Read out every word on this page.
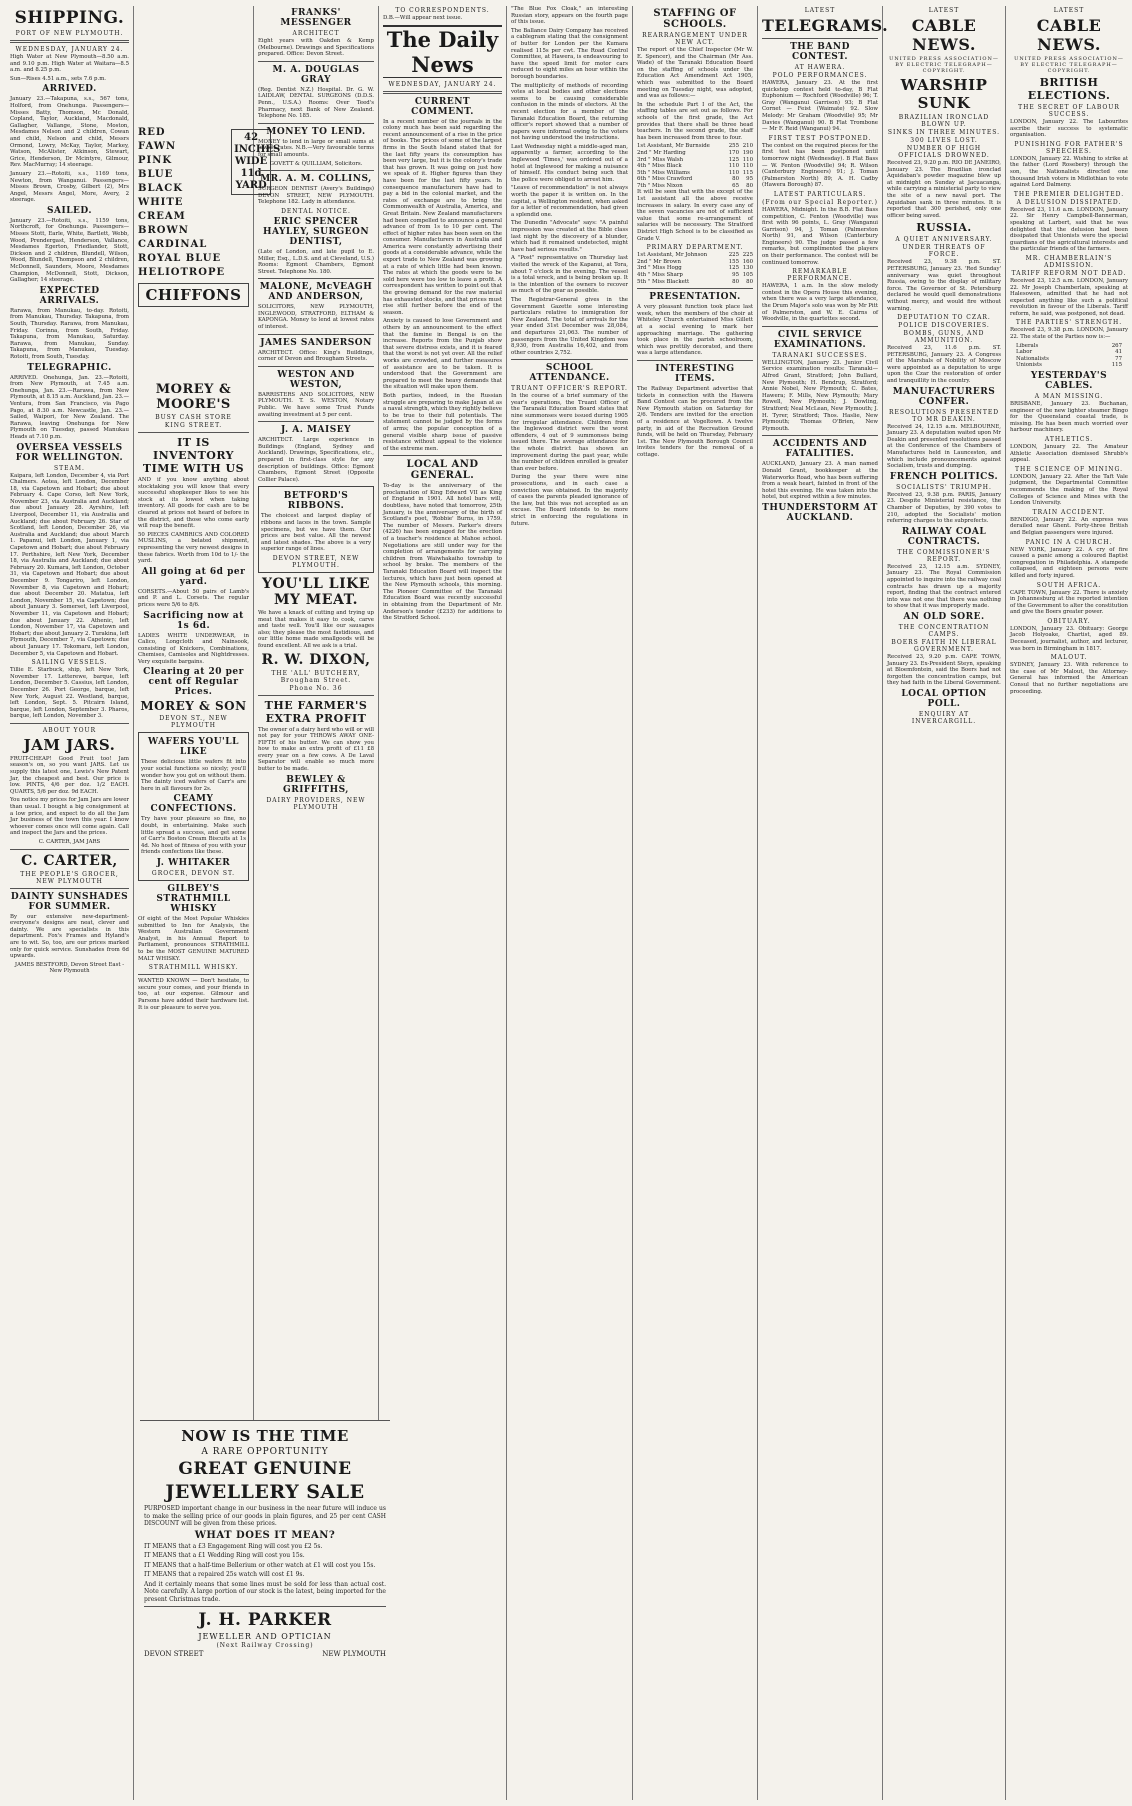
SHIPPING.
PORT OF NEW PLYMOUTH.
WEDNESDAY, JANUARY 24.
High Water at New Plymouth—8.50 a.m. and 9.10 p.m. High Water at Waitara—8.5 a.m. and 8.25 p.m.
Sun—Rises 4.51 a.m., sets 7.6 p.m.
ARRIVED.
January 23.—Takapuna, s.s., 567 tons, Holford, from Onehunga. Passengers—Misses Batty, Thomson, Mc Donald, Copland, Taylor, Auckland, Macdonald, Gallagher, Vallange, Stone, Moston, Mesdames Nelson and 2 children, Cowan and child, Nelson and child, Messrs Ormond, Lowry, McKay, Taylor, Markey, Watson, McAlister, Atkinson, Stewart, Grice, Henderson, Dr Mcintyre, Gilmour, Rev. MacMurray; 14 steerage.
January 23.—Rotoiti, s.s., 1169 tons, Newton, from Wanganui. Passengers—Misses Brown, Crosby, Gilbert (2), Mrs Angel, Messrs Angel, More, Avery, 2 steerage.
SAILED.
January 23.—Rotoiti, s.s., 1159 tons, Northcroft, for Onehunga. Passengers—Misses Stott, Earle, White, Bartlett, Webb, Wood, Prendergast, Henderson, Vallance, Mesdames Egerton, Friedlander, Stott, Dickson and 2 children, Blundell, Wilson, Wood, Blundell, Thompson and 2 children, McDonnell, Saunders, Moore, Mesdames Champion, McDonnell, Stott, Dickson, Gallagher; 14 steerage.
EXPECTED ARRIVALS.
Rarawa, from Manukau, to-day. Rotoiti, from Manukau, Thursday. Takapuna, from South, Thursday. Rarawa, from Manukau, Friday. Corinna, from South, Friday. Takapuna, from Manukau, Saturday. Rarawa, from Manukau, Sunday. Takapuna, from Manukau, Tuesday. Rotoiti, from South, Tuesday.
TELEGRAPHIC.
ARRIVED. Onehunga, Jan. 23.—Rotoiti, from New Plymouth, at 7.45 a.m. Onehunga, Jan. 23.—Rarawa, from New Plymouth, at 8.15 a.m. Auckland, Jan. 23.—Ventura, from San Francisco, via Pago Pago, at 8.30 a.m. Newcastle, Jan. 23.—Sailed, Waipori, for New Zealand. The Rarawa, leaving Onehunga for New Plymouth on Tuesday, passed Manukau Heads at 7.10 p.m.
OVERSEA VESSELS FOR WELLINGTON.
STEAM.
Kaipara, left London, December 4, via Port Chalmers. Aotea, left London, December 18, via Capetown and Hobart; due about February 4. Cape Corso, left New York, November 23, via Australia and Auckland; due about January 28. Ayrshire, left Liverpool, December 11, via Australia and Auckland; due about February 26. Star of Scotland, left London, December 26, via Australia and Auckland; due about March 1. Papanui, left London, January 1, via Capetown and Hobart; due about February 17. Perthshire, left New York, December 18, via Australia and Auckland; due about February 20. Kumara, left London, October 31, via Capetown and Hobart; due about December 9. Tongariro, left London, November 8, via Capetown and Hobart; due about December 20. Matatua, left London, November 15, via Capetown; due about January 3. Somerset, left Liverpool, November 11, via Capetown and Hobart; due about January 22. Athenic, left London, November 17, via Capetown and Hobart; due about January 2. Turakina, left Plymouth, December 7, via Capetown; due about January 17. Tokomaru, left London, December 5, via Capetown and Hobart.
SAILING VESSELS.
Tillie E. Starbuck, ship, left New York, November 17. Letterewe, barque, left London, December 5. Cassius, left London, December 26. Port George, barque, left New York, August 22. Westland, barque, left London, Sept. 5. Pitcairn Island, barque, left London, September 3. Pharos, barque, left London, November 3.
ABOUT YOUR
JAM JARS.
FRUIT-CHEAP! Good Fruit too! Jam season's on, so you want JARS. Let us supply this latest one, Lewis's New Patent Jar, the cheapest and best. Our price is low. PINTS, 4/6 per doz. 1/2 EACH. QUARTS, 5/6 per doz. 9d EACH.
You notice my prices for Jam Jars are lower than usual. I bought a big consignment at a low price, and expect to do all the Jam Jar business of the town this year. I know whoever comes once will come again. Call and inspect the Jars and the prices.
C. CARTER, JAM JARS
C. CARTER,
THE PEOPLE'S GROCER, NEW PLYMOUTH
DAINTY SUNSHADES FOR SUMMER.
By our extensive new-department-everyone's designs are neat, clever and dainty. We are specialists in this department. Fox's Frames and Hyland's are to wit. So, too, are our prices marked only for quick service. Sunshades from 6d upwards.
JAMES BESTFORD, Devon Street East - New Plymouth
RED
FAWN
PINK
BLUE
BLACK
WHITE
CREAM
BROWN
CARDINAL
ROYAL BLUE
HELIOTROPE
42 INCHES WIDE 11d YARD
CHIFFONS
MOREY & MOORE'S
BUSY CASH STORE
KING STREET.
IT IS INVENTORY TIME WITH US
AND if you know anything about stocktaking you will know that every successful shopkeeper likes to see his stock at its lowest when taking inventory. All goods for cash are to be cleared at prices not heard of before in the district, and those who come early will reap the benefit.
50 PIECES CAMBRICS AND COLORED MUSLINS, a belated shipment, representing the very newest designs in these fabrics. Worth from 10d to 1/- the yard.
All going at 6d per yard.
CORSETS.—About 50 pairs of Lamb's and P. and L. Corsets. The regular prices were 5/6 to 8/6.
Sacrificing now at 1s 6d.
LADIES WHITE UNDERWEAR, in Calico, Longcloth and Nainsook, consisting of Knickers, Combinations, Chemises, Camisoles and Nightdresses. Very exquisite bargains.
Clearing at 20 per cent off Regular Prices.
MOREY & SON
DEVON ST., NEW PLYMOUTH
WAFERS YOU'LL LIKE
These delicious little wafers fit into your social functions so nicely; you'll wonder how you got on without them. The dainty iced wafers of Carr's are here in all flavours for 2s.
CEAMY CONFECTIONS.
Try have your pleasure so fine, no doubt, in entertaining. Make such little spread a success, and get some of Carr's Boston Cream Biscuits at 1s 4d. No host of fitness of you with your friends confections like these.
J. WHITAKER
GROCER, DEVON ST.
GILBEY'S STRATHMILL WHISKY
Of eight of the Most Popular Whiskies submitted to Inn for Analysis, the Western Australian Government Analyst, in his Annual Report to Parliament, pronounces STRATHMILL to be the MOST GENUINE MATURED MALT WHISKY.
STRATHMILL WHISKY.
WANTED KNOWN — Don't hesitate, to secure your comes, and your friends in too, at our expense. Gilmour and Parsons have added their hardware list. It is our pleasure to serve you.
FRANKS' MESSENGER
ARCHITECT
Eight years with Oakden & Kemp (Melbourne). Drawings and Specifications prepared. Office: Devon Street.
M. A. DOUGLAS GRAY
(Reg. Dentist N.Z.) Hospital. Dr. G. W. LAIDLAW, DENTAL SURGEONS (D.D.S. Penn., U.S.A.) Rooms: Over Teed's Pharmacy, next Bank of New Zealand. Telephone No. 185.
MONEY TO LEND.
MONEY to lend in large or small sums at lowest rates. N.B.—Very favourable terms for small amounts.
GOVETT & QUILLIAM, Solicitors.
MR. A. M. COLLINS,
SURGEON DENTIST (Avery's Buildings) DEVON STREET, NEW PLYMOUTH. Telephone 182. Lady in attendance.
DENTAL NOTICE.
ERIC SPENCER HAYLEY, SURGEON DENTIST,
(Late of London, and late pupil to E. Miller, Esq., L.D.S. and at Cleveland, U.S.) Rooms: Egmont Chambers, Egmont Street. Telephone No. 180.
MALONE, McVEAGH AND ANDERSON,
SOLICITORS, NEW PLYMOUTH, INGLEWOOD, STRATFORD, ELTHAM & KAPONGA. Money to lend at lowest rates of interest.
JAMES SANDERSON
ARCHITECT. Office: King's Buildings, corner of Devon and Brougham Streets.
WESTON AND WESTON,
BARRISTERS AND SOLICITORS, NEW PLYMOUTH. T. S. WESTON, Notary Public. We have some Trust Funds awaiting investment at 5 per cent.
J. A. MAISEY
ARCHITECT. Large experience in Buildings (England, Sydney and Auckland). Drawings, Specifications, etc., prepared in first-class style for any description of buildings. Office: Egmont Chambers, Egmont Street (Opposite Collier Palace).
BETFORD'S RIBBONS.
The choicest and largest display of ribbons and laces in the town. Sample specimens, but we have them. Our prices are best value. All the newest and latest shades. The above is a very superior range of lines.
DEVON STREET, NEW PLYMOUTH.
YOU'LL LIKE MY MEAT.
We have a knack of cutting and trying up meat that makes it easy to cook, carve and taste well. You'll like our sausages also; they please the most fastidious, and our little home made smallgoods will be found excellent. All we ask is a trial.
R. W. DIXON,
THE 'ALL' BUTCHERY, Brougham Street.
Phone No. 36
THE FARMER'S EXTRA PROFIT
The owner of a dairy herd who will or will not pay for your THROWS AWAY ONE-FIFTH of his butter. We can show you how to make an extra profit of £11 £8 every year on a few cows. A De Laval Separator will enable so much more butter to be made.
BEWLEY & GRIFFITHS,
DAIRY PROVIDERS, NEW PLYMOUTH
TO CORRESPONDENTS.
D.B.—Will appear next issue.
The Daily News
WEDNESDAY, JANUARY 24.
CURRENT COMMENT.
In a recent number of the journals in the colony much has been said regarding the recent announcement of a rise in the price of books. The prices of some of the largest firms in the South Island stated that for the last fifty years its consumption has been very large, but it is the colony's trade that has grown. It was going on just how we speak of it. Higher figures than they have been for the last fifty years. In consequence manufacturers have had to pay a bid in the colonial market, and the rates of exchange are to bring the Commonwealth of Australia, America, and Great Britain. New Zealand manufacturers had been compelled to announce a general advance of from 1s to 10 per cent. The effect of higher rates has been seen on the consumer. Manufacturers in Australia and America were constantly advertising their goods at a considerable advance, while the export trade to New Zealand was growing at a rate of which little had been known. The rates at which the goods were to be sold here were too low to leave a profit. A correspondent has written to point out that the growing demand for the raw material has exhausted stocks, and that prices must rise still further before the end of the season.
Anxiety is caused to lose Government and others by an announcement to the effect that the famine in Bengal is on the increase. Reports from the Punjab show that severe distress exists, and it is feared that the worst is not yet over. All the relief works are crowded, and further measures of assistance are to be taken. It is understood that the Government are prepared to meet the heavy demands that the situation will make upon them.
Both parties, indeed, in the Russian struggle are preparing to make Japan at as a naval strength, which they rightly believe to be true to their full potentials. The statement cannot be judged by the forms of arms; the popular conception of a general visible sharp issue of passive resistance without appeal to the violence of the extreme men.
LOCAL AND GENERAL.
To-day is the anniversary of the proclamation of King Edward VII as King of England in 1901. All hotel bars will, doubtless, have noted that tomorrow, 25th January, is the anniversary of the birth of Scotland's poet, 'Robbie' Burns, in 1759. The number of Messrs. Parker's divers (4226) has been engaged for the erection of a teacher's residence at Mahoe school. Negotiations are still under way for the completion of arrangements for carrying children from Waiwhakaiho township to school by brake. The members of the Taranaki Education Board will inspect the lectures, which have just been opened at the New Plymouth schools, this morning. The Pioneer Committee of the Taranaki Education Board was recently successful in obtaining from the Department of Mr. Anderson's tender (£233) for additions to the Stratford School.
"The Blue Fox Cloak," an interesting Russian story, appears on the fourth page of this issue.
The Ballance Dairy Company has received a cablegram stating that the consignment of butter for London per the Kumara realised 115s per cwt. The Road Control Committee, at Hawera, is endeavouring to have the speed limit for motor cars reduced to eight miles an hour within the borough boundaries.
The multiplicity of methods of recording votes at local bodies and other elections seems to be causing considerable confusion in the minds of electors. At the recent election for a member of the Taranaki Education Board, the returning officer's report showed that a number of papers were informal owing to the voters not having understood the instructions.
Last Wednesday night a middle-aged man, apparently a farmer, according to the Inglewood 'Times,' was ordered out of a hotel at Inglewood for making a nuisance of himself. His conduct being such that the police were obliged to arrest him.
"Leave of recommendation" is not always worth the paper it is written on. In the capital, a Wellington resident, when asked for a letter of recommendation, had given a splendid one.
The Dunedin "Advocate" says: "A painful impression was created at the Bible class last night by the discovery of a blunder, which had it remained undetected, might have had serious results."
A "Post" representative on Thursday last visited the wreck of the Kapanui, at Tora, about 7 o'clock in the evening. The vessel is a total wreck, and is being broken up. It is the intention of the owners to recover as much of the gear as possible.
The Registrar-General gives in the Government Gazette some interesting particulars relative to immigration for New Zealand. The total of arrivals for the year ended 31st December was 28,084, and departures 21,063. The number of passengers from the United Kingdom was 8,930, from Australia 16,402, and from other countries 2,752.
SCHOOL ATTENDANCE.
TRUANT OFFICER'S REPORT.
In the course of a brief summary of the year's operations, the Truant Officer of the Taranaki Education Board states that nine summonses were issued during 1905 for irregular attendance. Children from the Inglewood district were the worst offenders, 4 out of 9 summonses being issued there. The average attendance for the whole district has shown an improvement during the past year, while the number of children enrolled is greater than ever before.
During the year there were nine prosecutions, and in each case a conviction was obtained. In the majority of cases the parents pleaded ignorance of the law, but this was not accepted as an excuse. The Board intends to be more strict in enforcing the regulations in future.
STAFFING OF SCHOOLS.
REARRANGEMENT UNDER NEW ACT.
The report of the Chief Inspector (Mr W. E. Spencer), and the Chairman (Mr Ass. Wade) of the Taranaki Education Board on the staffing of schools under the Education Act Amendment Act 1905, which was submitted to the Board meeting on Tuesday night, was adopted, and was as follows:—
In the schedule Part I of the Act, the staffing tables are set out as follows. For schools of the first grade, the Act provides that there shall be three head teachers. In the second grade, the staff has been increased from three to four.
1st Assistant, Mr Burnside	255 210
2nd " Mr Harding	170 190
3rd " Miss Walsh	125 110
4th " Miss Black	110 110
5th " Miss Williams	110 115
6th " Miss Crawford	80	95
7th " Miss Nixon	65	80
It will be seen that with the except of the 1st assistant all the above receive increases in salary. In every case any of the seven vacancies are not of sufficient value that some re-arrangement of salaries will be necessary. The Stratford District High School is to be classified as Grade V.
PRIMARY DEPARTMENT.
1st Assistant, Mr Johnson	225 225
2nd " Mr Brown	155 160
3rd " Miss Hogg	125 130
4th " Miss Sharp	95 105
5th " Miss Blackett	80	80
PRESENTATION.
A very pleasant function took place last week, when the members of the choir at Whiteley Church entertained Miss Gillett at a social evening to mark her approaching marriage. The gathering took place in the parish schoolroom, which was prettily decorated, and there was a large attendance.
INTERESTING ITEMS.
The Railway Department advertise that tickets in connection with the Hawera Band Contest can be procured from the New Plymouth station on Saturday for 2/6. Tenders are invited for the erection of a residence at Vogeltown. A twelve party, in aid of the Recreation Ground funds, will be held on Thursday, February 1st. The New Plymouth Borough Council invites tenders for the removal of a cottage.
LATEST
TELEGRAMS.
THE BAND CONTEST.
AT HAWERA.
POLO PERFORMANCES.
HAWERA, January 23. At the first quickstep contest held to-day, B Flat Euphonium — Rochford (Woodville) 96; T. Gray (Wanganui Garrison) 93; B Flat Cornet — Feist (Waimate) 92. Slow Melody: Mr Graham (Woodville) 95; Mr Davies (Wanganui) 90. B Flat Trombone — Mr F. Reid (Wanganui) 94.
FIRST TEST POSTPONED.
The contest on the required pieces for the first test has been postponed until tomorrow night (Wednesday). B Flat Bass — W. Fenton (Woodville) 94; R. Wilson (Canterbury Engineers) 91; J. Toman (Palmerston North) 89; A. H. Cadby (Hawera Borough) 87.
LATEST PARTICULARS.
(From our Special Reporter.)
HAWERA, Midnight. In the B.B. Flat Bass competition, C. Fenton (Woodville) was first with 96 points, L. Gray (Wanganui Garrison) 94, J. Toman (Palmerston North) 91, and Wilson (Canterbury Engineers) 90. The judge passed a few remarks, but complimented the players on their performance. The contest will be continued tomorrow.
REMARKABLE PERFORMANCE.
HAWERA, 1 a.m. In the slow melody contest in the Opera House this evening, when there was a very large attendance, the Drum Major's solo was won by Mr Pitt of Palmerston, and W. E. Cairns of Woodville, in the quartettes second.
CIVIL SERVICE EXAMINATIONS.
TARANAKI SUCCESSES.
WELLINGTON, January 23. Junior Civil Service examination results: Taranaki—Alfred Grant, Stratford; John Bullard, New Plymouth; H. Bendrup, Stratford; Annie Nobel, New Plymouth; C. Bates, Hawera; F. Mills, New Plymouth; Mary Rowell, New Plymouth; J. Dowling, Stratford; Neal McLean, New Plymouth; J. H. Tyrer, Stratford; Thos. Haslie, New Plymouth; Thomas O'Brien, New Plymouth.
ACCIDENTS AND FATALITIES.
AUCKLAND, January 23. A man named Donald Grant, bookkeeper at the Waterworks Road, who has been suffering from a weak heart, fainted in front of the hotel this evening. He was taken into the hotel, but expired within a few minutes.
THUNDERSTORM AT AUCKLAND.
LATEST
CABLE NEWS.
UNITED PRESS ASSOCIATION—BY ELECTRIC TELEGRAPH—COPYRIGHT.
WARSHIP SUNK
BRAZILIAN IRONCLAD BLOWN UP.
SINKS IN THREE MINUTES.
300 LIVES LOST.
NUMBER OF HIGH OFFICIALS DROWNED.
Received 23, 9.20 p.m. RIO DE JANEIRO, January 23. The Brazilian ironclad Aquidaban's powder magazine blew up at midnight on Sunday at Jacuacanga, while carrying a ministerial party to view the site of a new naval port. The Aquidaban sank in three minutes. It is reported that 300 perished, only one officer being saved.
RUSSIA.
A QUIET ANNIVERSARY.
UNDER THREATS OF FORCE.
Received 23, 9.38 p.m. ST. PETERSBURG, January 23. 'Red Sunday' anniversary was quiet throughout Russia, owing to the display of military force. The Governor of St. Petersburg declared he would quell demonstrations without mercy, and would fire without warning.
DEPUTATION TO CZAR.
POLICE DISCOVERIES.
BOMBS, GUNS, AND AMMUNITION.
Received 23, 11.6 p.m. ST. PETERSBURG, January 23. A Congress of the Marshals of Nobility of Moscow were appointed as a deputation to urge upon the Czar the restoration of order and tranquillity in the country.
MANUFACTURERS CONFER.
RESOLUTIONS PRESENTED TO MR DEAKIN.
Received 24, 12.15 a.m. MELBOURNE, January 23. A deputation waited upon Mr Deakin and presented resolutions passed at the Conference of the Chambers of Manufactures held in Launceston, and which include pronouncements against Socialism, trusts and dumping.
FRENCH POLITICS.
SOCIALISTS' TRIUMPH.
Received 23, 9.38 p.m. PARIS, January 23. Despite Ministerial resistance, the Chamber of Deputies, by 390 votes to 210, adopted the Socialists' motion referring charges to the subprefects.
RAILWAY COAL CONTRACTS.
THE COMMISSIONER'S REPORT.
Received 23, 12.15 a.m. SYDNEY, January 23. The Royal Commission appointed to inquire into the railway coal contracts has drawn up a majority report, finding that the contract entered into was not one that there was nothing to show that it was improperly made.
AN OLD SORE.
THE CONCENTRATION CAMPS.
BOERS FAITH IN LIBERAL GOVERNMENT.
Received 23, 9.20 p.m. CAPE TOWN, January 23. Ex-President Steyn, speaking at Bloemfontein, said the Boers had not forgotten the concentration camps, but they had faith in the Liberal Government.
LOCAL OPTION POLL.
ENQUIRY AT INVERCARGILL.
LATEST
CABLE NEWS.
UNITED PRESS ASSOCIATION—BY ELECTRIC TELEGRAPH—COPYRIGHT.
BRITISH ELECTIONS.
THE SECRET OF LABOUR SUCCESS.
LONDON, January 22. The Labourites ascribe their success to systematic organisation.
PUNISHING FOR FATHER'S SPEECHES.
LONDON, January 22. Wishing to strike at the father (Lord Rosebery) through the son, the Nationalists directed one thousand Irish voters in Midlothian to vote against Lord Dalmeny.
THE PREMIER DELIGHTED.
A DELUSION DISSIPATED.
Received 23, 11.6 a.m. LONDON, January 22. Sir Henry Campbell-Bannerman, speaking at Larbert, said that he was delighted that the delusion had been dissipated that Unionists were the special guardians of the agricultural interests and the particular friends of the farmers.
MR. CHAMBERLAIN'S ADMISSION.
TARIFF REFORM NOT DEAD.
Received 23, 12.5 a.m. LONDON, January 22. Mr Joseph Chamberlain, speaking at Halesowen, admitted that he had not expected anything like such a political revolution in favour of the Liberals. Tariff reform, he said, was postponed, not dead.
THE PARTIES' STRENGTH.
Received 23, 9.38 p.m. LONDON, January 22. The state of the Parties now is:—
Liberals	267
Labor	41
Nationalists	77
Unionists	115
YESTERDAY'S CABLES.
A MAN MISSING.
BRISBANE, January 23. Buchanan, engineer of the new lighter steamer Bingo for the Queensland coastal trade, is missing. He has been much worried over harbour machinery.
ATHLETICS.
LONDON, January 22. The Amateur Athletic Association dismissed Shrubb's appeal.
THE SCIENCE OF MINING.
LONDON, January 22. After the Taft Vale judgment, the Departmental Committee recommends the making of the Royal Colleges of Science and Mines with the London University.
TRAIN ACCIDENT.
BENDIGO, January 22. An express was derailed near Ghent. Forty-three British and Belgian passengers were injured.
PANIC IN A CHURCH.
NEW YORK, January 22. A cry of fire caused a panic among a coloured Baptist congregation in Philadelphia. A stampede collapsed, and eighteen persons were killed and forty injured.
SOUTH AFRICA.
CAPE TOWN, January 22. There is anxiety in Johannesburg at the reported intention of the Government to alter the constitution and give the Boers greater power.
OBITUARY.
LONDON, January 23. Obituary: George Jacob Holyoake, Chartist, aged 89. Deceased, journalist, author, and lecturer, was born in Birmingham in 1817.
MALOUT.
SYDNEY, January 23. With reference to the case of Mr Malout, the Attorney-General has informed the American Consul that no further negotiations are proceeding.
NOW IS THE TIME
A RARE OPPORTUNITY
GREAT GENUINE
JEWELLERY SALE
PURPOSED important change in our business in the near future will induce us to make the selling price of our goods in plain figures, and 25 per cent CASH DISCOUNT will be given from these prices.
WHAT DOES IT MEAN?
IT MEANS that a £3 Engagement Ring will cost you £2 5s.
IT MEANS that a £1 Wedding Ring will cost you 15s.
IT MEANS that a half-time Bellerium or other watch at £1 will cost you 15s.
IT MEANS that a repaired 25s watch will cost £1 9s.
And it certainly means that some lines must be sold for less than actual cost. Note carefully. A large portion of our stock is the latest, being imported for the present Christmas trade.
J. H. PARKER
JEWELLER AND OPTICIAN
(Next Railway Crossing)
DEVON STREET	NEW PLYMOUTH
